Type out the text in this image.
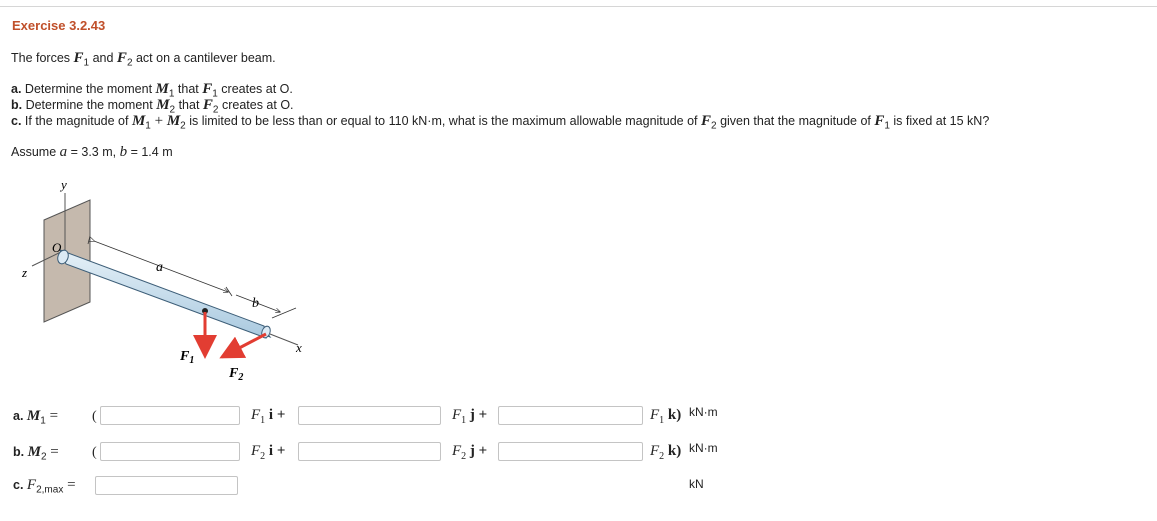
Exercise 3.2.43
The forces $F_1$ and $F_2$ act on a cantilever beam.
a. Determine the moment $M_1$ that $F_1$ creates at O.
b. Determine the moment $M_2$ that $F_2$ creates at O.
c. If the magnitude of $M_1 + M_2$ is limited to be less than or equal to 110 kN·m, what is the maximum allowable magnitude of $F_2$ given that the magnitude of $F_1$ is fixed at 15 kN?
Assume a = 3.3 m, b = 1.4 m
y
z
x
O
a
b
$F_1$
$F_2$
a. $M_1$ = (	$F_1$ i +	$F_1$ j +	$F_1$ k) kN·m
b. $M_2$ = (	$F_2$ i +	$F_2$ j +	$F_2$ k) kN·m
c. $F_{2,max}$ =	kN
